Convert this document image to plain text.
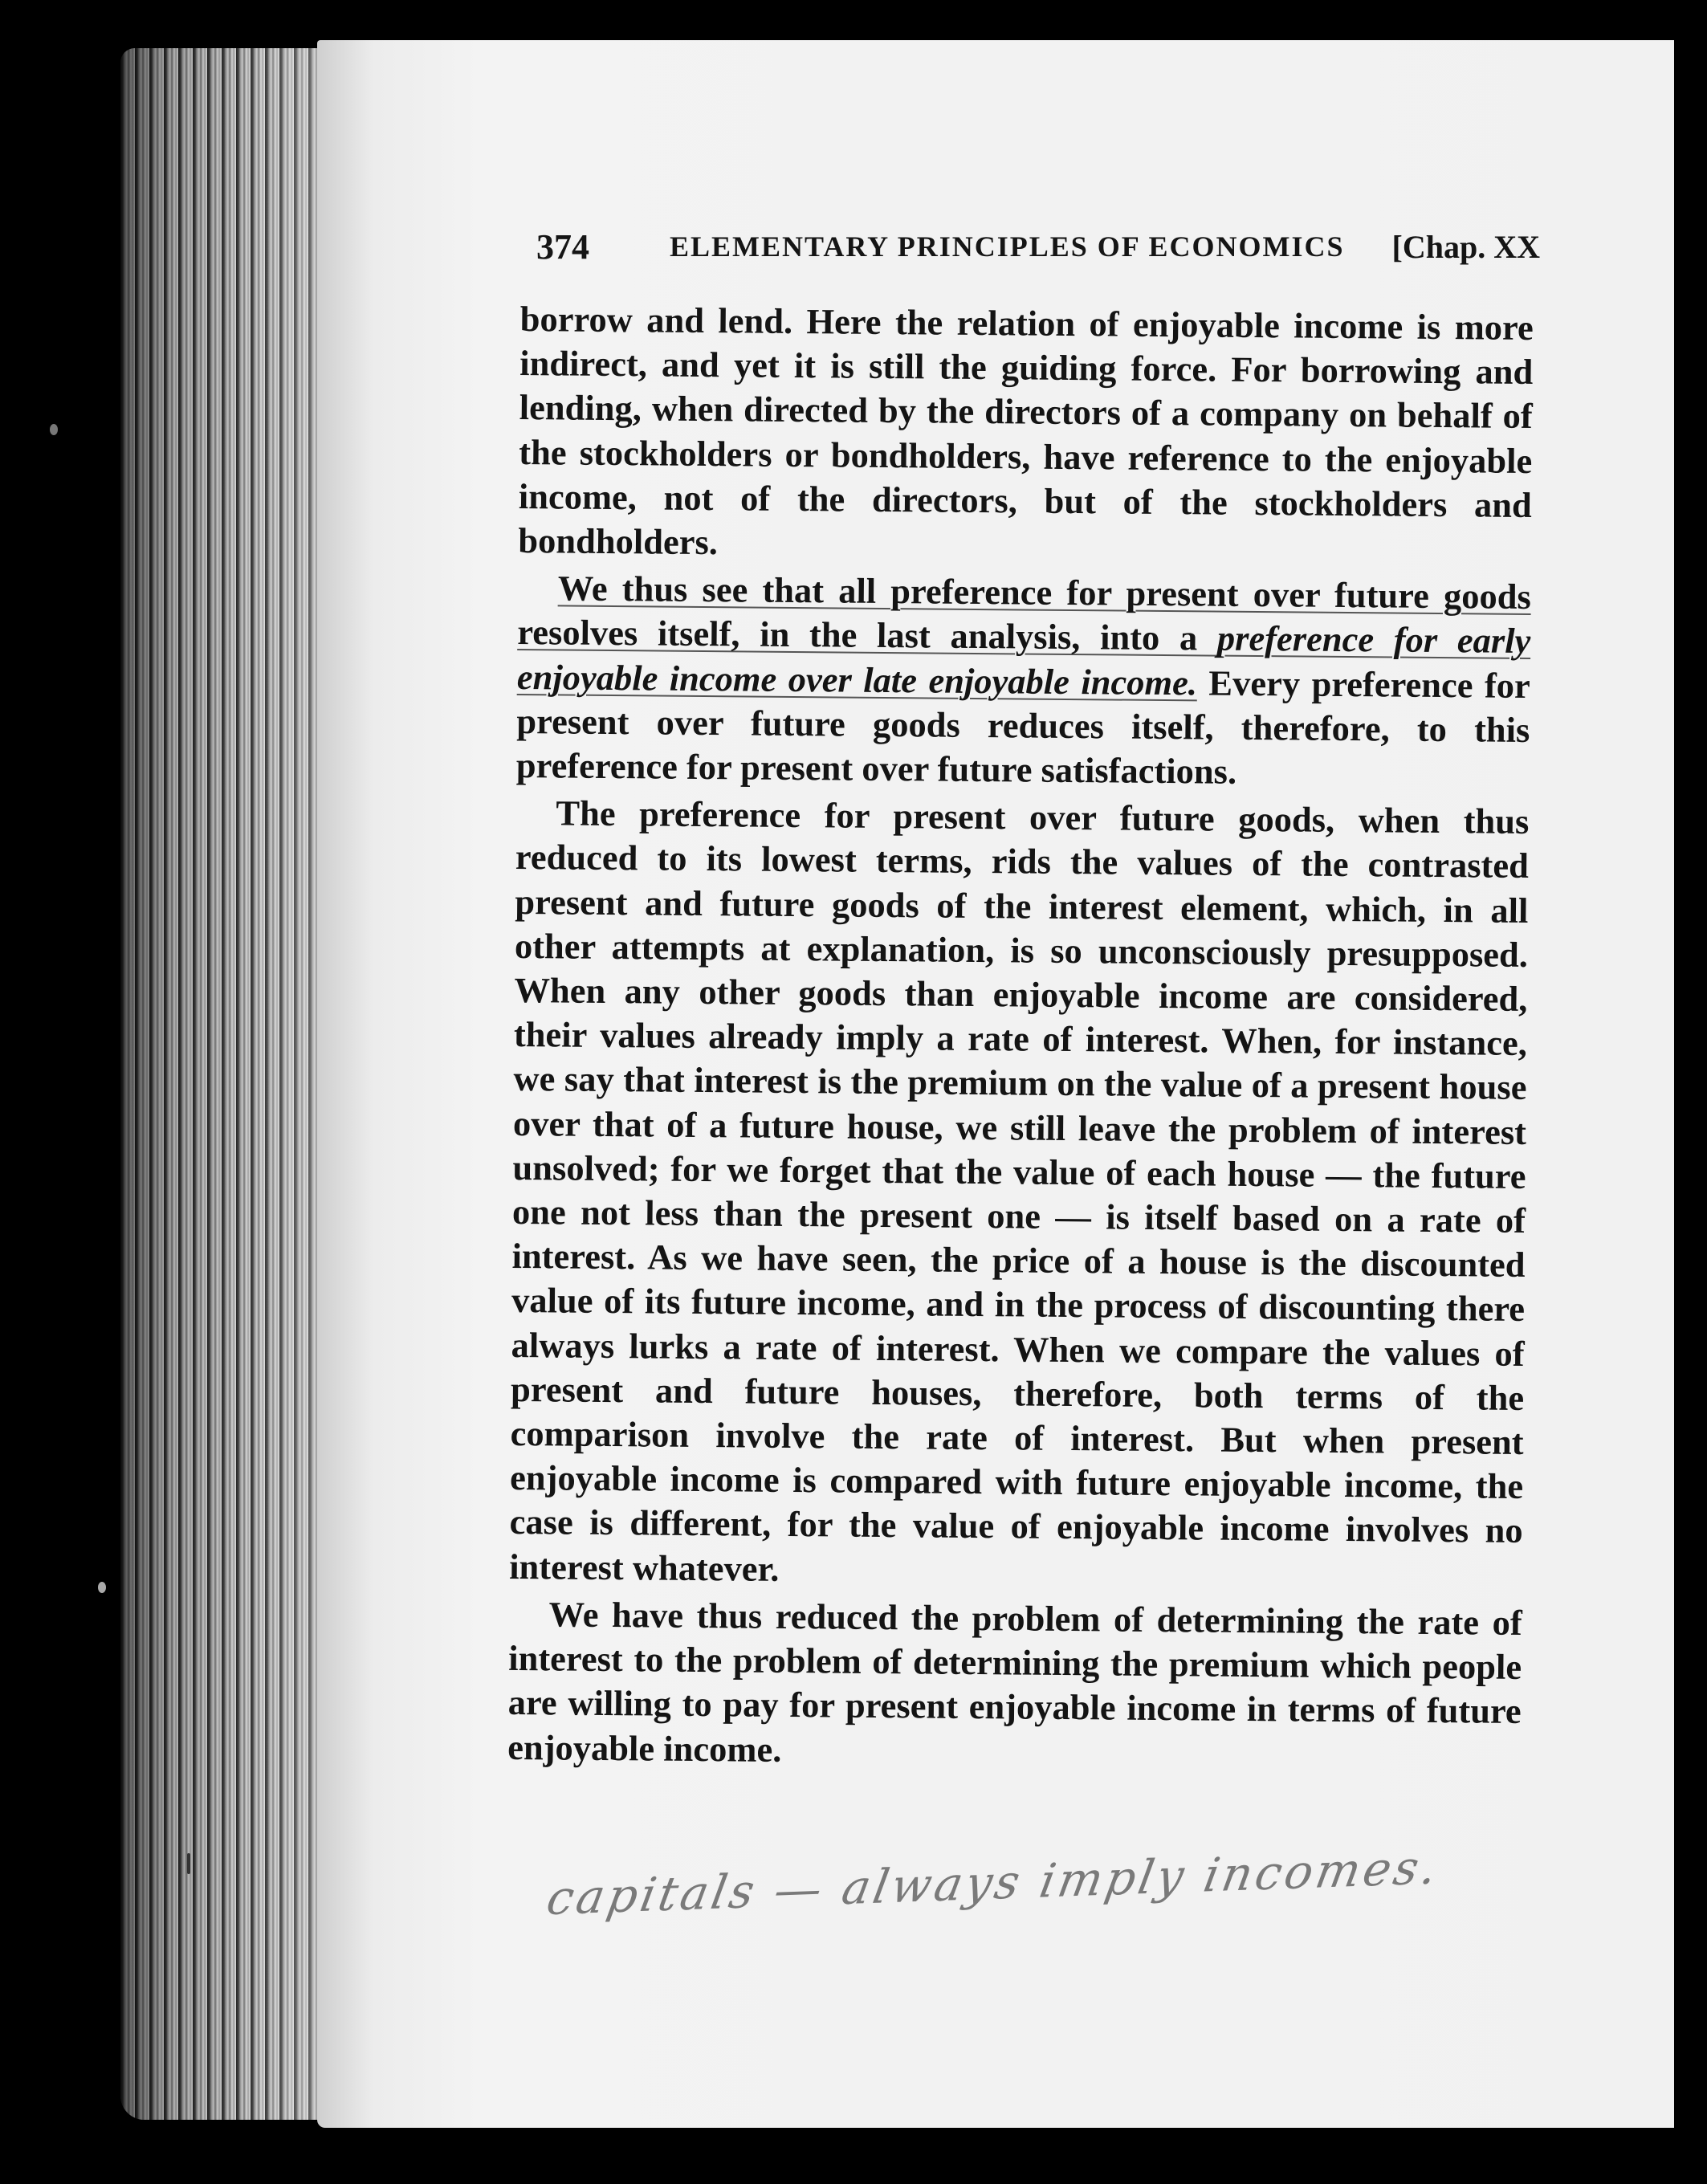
374	ELEMENTARY PRINCIPLES OF ECONOMICS [Chap. XX

borrow and lend. Here the relation of enjoyable income is more indirect, and yet it is still the guiding force. For borrowing and lending, when directed by the directors of a company on behalf of the stockholders or bondholders, have reference to the enjoyable income, not of the directors, but of the stockholders and bondholders.

We thus see that all preference for present over future goods resolves itself, in the last analysis, into a preference for early enjoyable income over late enjoyable income. Every preference for present over future goods reduces itself, therefore, to this preference for present over future satisfactions.

The preference for present over future goods, when thus reduced to its lowest terms, rids the values of the contrasted present and future goods of the interest element, which, in all other attempts at explanation, is so unconsciously presupposed. When any other goods than enjoyable income are considered, their values already imply a rate of interest. When, for instance, we say that interest is the premium on the value of a present house over that of a future house, we still leave the problem of interest unsolved; for we forget that the value of each house — the future one not less than the present one — is itself based on a rate of interest. As we have seen, the price of a house is the discounted value of its future income, and in the process of discounting there always lurks a rate of interest. When we compare the values of present and future houses, therefore, both terms of the comparison involve the rate of interest. But when present enjoyable income is compared with future enjoyable income, the case is different, for the value of enjoyable income involves no interest whatever.

We have thus reduced the problem of determining the rate of interest to the problem of determining the premium which people are willing to pay for present enjoyable income in terms of future enjoyable income.

capitals — always imply incomes.
